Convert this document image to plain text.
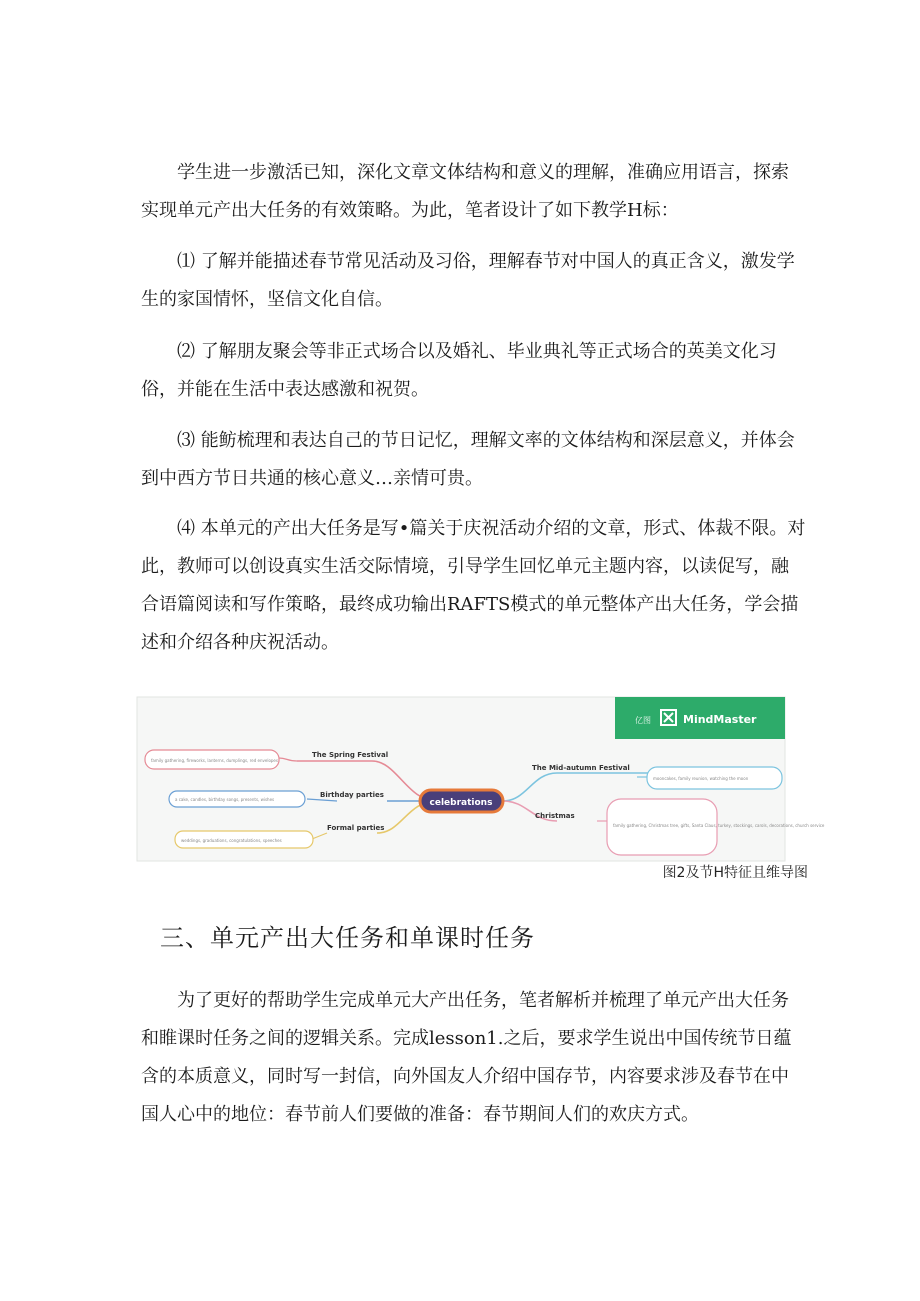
学生进一步激活已知，深化文章文体结构和意义的理解，准确应用语言，探索实现单元产出大任务的有效策略。为此，笔者设计了如下教学H标：

⑴ 了解并能描述春节常见活动及习俗，理解春节对中国人的真正含义，激发学生的家国情怀，坚信文化自信。

⑵ 了解朋友聚会等非正式场合以及婚礼、毕业典礼等正式场合的英美文化习俗，并能在生活中表达感激和祝贺。

⑶ 能鲂梳理和表达自己的节日记忆，理解文率的文体结构和深层意义，并体会到中西方节日共通的核心意义…亲情可贵。

⑷ 本单元的产出大任务是写•篇关于庆祝活动介绍的文章，形式、体裁不限。对此，教师可以创设真实生活交际情境，引导学生回忆单元主题内容，以读促写，融合语篇阅读和写作策略，最终成功输出RAFTS模式的单元整体产出大任务，学会描述和介绍各种庆祝活动。

亿图	MindMaster
celebrations
The Spring Festival
Birthday parties
Formal parties
The Mid-autumn Festival
Christmas
family gathering, fireworks, lanterns, dumplings, red envelopes
a cake, candles, birthday songs, presents, wishes
weddings, graduations, congratulations, speeches
mooncakes, family reunion, watching the moon
family gathering, Christmas tree, gifts, Santa Claus, turkey, stockings, carols, decorations, church service
图2及节H特征且维导图
三、单元产出大任务和单课时任务

为了更好的帮助学生完成单元大产出任务，笔者解析并梳理了单元产出大任务和睢课时任务之间的逻辑关系。完成lesson1.之后，要求学生说出中国传统节日蕴含的本质意义，同时写一封信，向外国友人介绍中国存节，内容要求涉及春节在中国人心中的地位：春节前人们要做的准备：春节期间人们的欢庆方式。
